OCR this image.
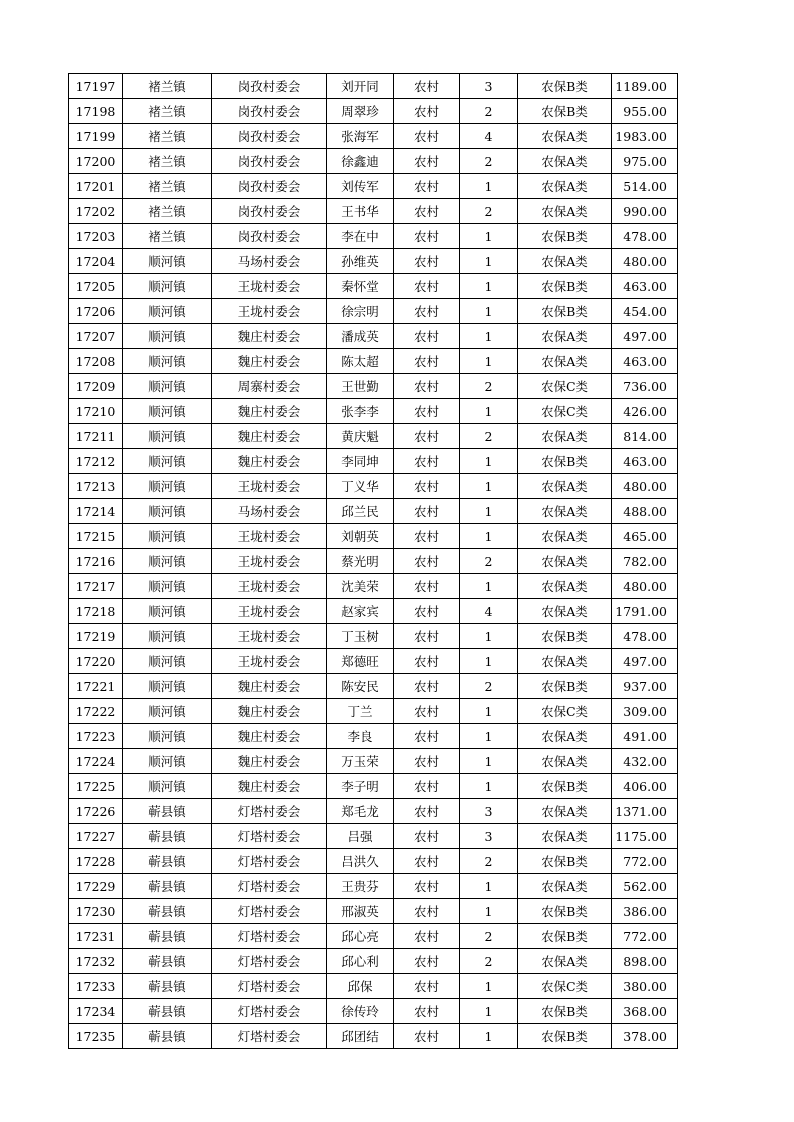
17197	褚兰镇	岗孜村委会	刘开同	农村	3	农保B类	1189.00
17198	褚兰镇	岗孜村委会	周翠珍	农村	2	农保B类	955.00
17199	褚兰镇	岗孜村委会	张海军	农村	4	农保A类	1983.00
17200	褚兰镇	岗孜村委会	徐鑫迪	农村	2	农保A类	975.00
17201	褚兰镇	岗孜村委会	刘传军	农村	1	农保A类	514.00
17202	褚兰镇	岗孜村委会	王书华	农村	2	农保A类	990.00
17203	褚兰镇	岗孜村委会	李在中	农村	1	农保B类	478.00
17204	顺河镇	马场村委会	孙维英	农村	1	农保A类	480.00
17205	顺河镇	王垅村委会	秦怀堂	农村	1	农保B类	463.00
17206	顺河镇	王垅村委会	徐宗明	农村	1	农保B类	454.00
17207	顺河镇	魏庄村委会	潘成英	农村	1	农保A类	497.00
17208	顺河镇	魏庄村委会	陈太超	农村	1	农保A类	463.00
17209	顺河镇	周寨村委会	王世勤	农村	2	农保C类	736.00
17210	顺河镇	魏庄村委会	张李李	农村	1	农保C类	426.00
17211	顺河镇	魏庄村委会	黄庆魁	农村	2	农保A类	814.00
17212	顺河镇	魏庄村委会	李同坤	农村	1	农保B类	463.00
17213	顺河镇	王垅村委会	丁义华	农村	1	农保A类	480.00
17214	顺河镇	马场村委会	邱兰民	农村	1	农保A类	488.00
17215	顺河镇	王垅村委会	刘朝英	农村	1	农保A类	465.00
17216	顺河镇	王垅村委会	蔡光明	农村	2	农保A类	782.00
17217	顺河镇	王垅村委会	沈美荣	农村	1	农保A类	480.00
17218	顺河镇	王垅村委会	赵家宾	农村	4	农保A类	1791.00
17219	顺河镇	王垅村委会	丁玉树	农村	1	农保B类	478.00
17220	顺河镇	王垅村委会	郑德旺	农村	1	农保A类	497.00
17221	顺河镇	魏庄村委会	陈安民	农村	2	农保B类	937.00
17222	顺河镇	魏庄村委会	丁兰	农村	1	农保C类	309.00
17223	顺河镇	魏庄村委会	李良	农村	1	农保A类	491.00
17224	顺河镇	魏庄村委会	万玉荣	农村	1	农保A类	432.00
17225	顺河镇	魏庄村委会	李子明	农村	1	农保B类	406.00
17226	蕲县镇	灯塔村委会	郑毛龙	农村	3	农保A类	1371.00
17227	蕲县镇	灯塔村委会	吕强	农村	3	农保A类	1175.00
17228	蕲县镇	灯塔村委会	吕洪久	农村	2	农保B类	772.00
17229	蕲县镇	灯塔村委会	王贵芬	农村	1	农保A类	562.00
17230	蕲县镇	灯塔村委会	邢淑英	农村	1	农保B类	386.00
17231	蕲县镇	灯塔村委会	邱心亮	农村	2	农保B类	772.00
17232	蕲县镇	灯塔村委会	邱心利	农村	2	农保A类	898.00
17233	蕲县镇	灯塔村委会	邱保	农村	1	农保C类	380.00
17234	蕲县镇	灯塔村委会	徐传玲	农村	1	农保B类	368.00
17235	蕲县镇	灯塔村委会	邱团结	农村	1	农保B类	378.00
